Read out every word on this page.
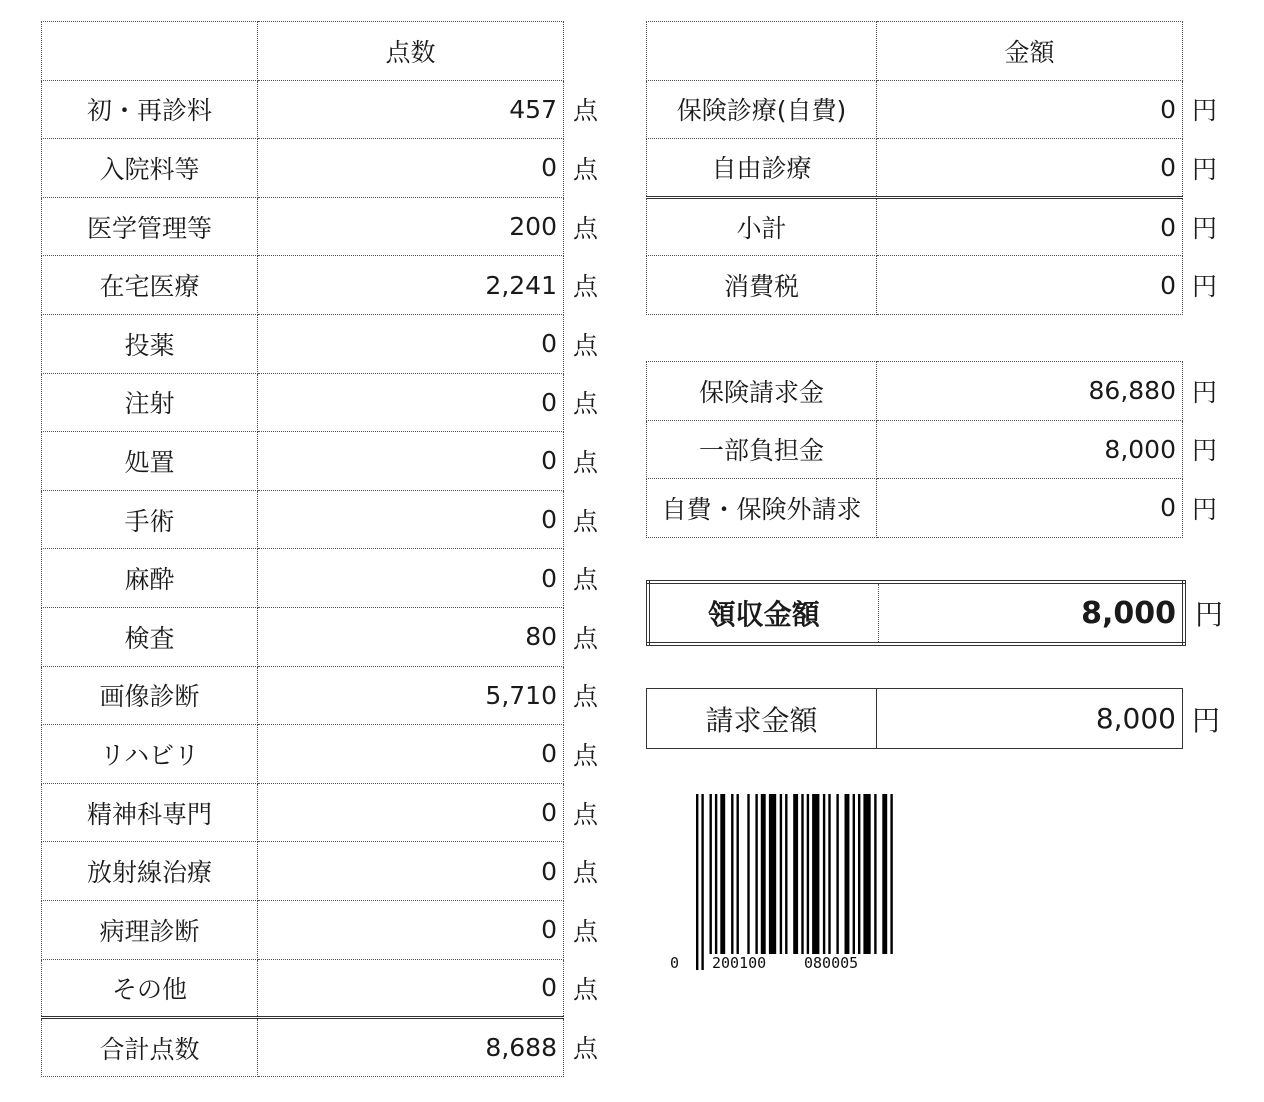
	点数	
初・再診料	457	点
入院料等	0	点
医学管理等	200	点
在宅医療	2,241	点
投薬	0	点
注射	0	点
処置	0	点
手術	0	点
麻酔	0	点
検査	80	点
画像診断	5,710	点
リハビリ	0	点
精神科専門	0	点
放射線治療	0	点
病理診断	0	点
その他	0	点
合計点数	8,688	点
	金額	
保険診療(自費)	0	円
自由診療	0	円
小計	0	円
消費税	0	円
保険請求金	86,880	円
一部負担金	8,000	円
自費・保険外請求	0	円
領収金額	8,000	円
請求金額	8,000	円
0 200100	080005
